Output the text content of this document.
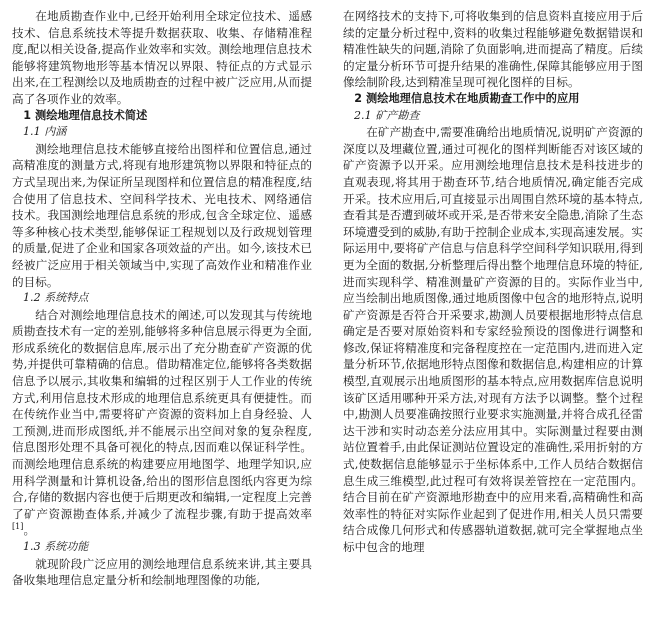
在地质勘查作业中,已经开始利用全球定位技术、遥感技术、信息系统技术等提升数据获取、收集、存储精准程度,配以相关设备,提高作业效率和实效。测绘地理信息技术能够将建筑物地形等基本情况以界限、特征点的方式显示出来,在工程测绘以及地质勘查的过程中被广泛应用,从而提高了各项作业的效率。

1 测绘地理信息技术简述
1.1 内涵

测绘地理信息技术能够直接给出图样和位置信息,通过高精准度的测量方式,将现有地形建筑物以界限和特征点的方式呈现出来,为保证所呈现图样和位置信息的精准程度,结合使用了信息技术、空间科学技术、光电技术、网络通信技术。我国测绘地理信息系统的形成,包含全球定位、遥感等多种核心技术类型,能够保证工程规划以及行政规划管理的质量,促进了企业和国家各项效益的产出。如今,该技术已经被广泛应用于相关领域当中,实现了高效作业和精准作业的目标。

1.2 系统特点

结合对测绘地理信息技术的阐述,可以发现其与传统地质勘查技术有一定的差别,能够将多种信息展示得更为全面,形成系统化的数据信息库,展示出了充分勘查矿产资源的优势,并提供可靠精确的信息。借助精准定位,能够将各类数据信息予以展示,其收集和编辑的过程区别于人工作业的传统方式,利用信息技术形成的地理信息系统更具有便捷性。而在传统作业当中,需要将矿产资源的资料加上自身经验、人工预测,进而形成图纸,并不能展示出空间对象的复杂程度,信息图形处理不具备可视化的特点,因而难以保证科学性。而测绘地理信息系统的构建要应用地图学、地理学知识,应用科学测量和计算机设备,给出的图形信息图纸内容更为综合,存储的数据内容也便于后期更改和编辑,一定程度上完善了矿产资源勘查体系,并减少了流程步骤,有助于提高效率[1]。

1.3 系统功能

就现阶段广泛应用的测绘地理信息系统来讲,其主要具备收集地理信息定量分析和绘制地理图像的功能,

在网络技术的支持下,可将收集到的信息资料直接应用于后续的定量分析过程中,资料的收集过程能够避免数据错误和精准性缺失的问题,消除了负面影响,进而提高了精度。后续的定量分析环节可提升结果的准确性,保障其能够应用于图像绘制阶段,达到精准呈现可视化图样的目标。

2 测绘地理信息技术在地质勘查工作中的应用
2.1 矿产勘查

在矿产勘查中,需要准确给出地质情况,说明矿产资源的深度以及埋藏位置,通过可视化的图样判断能否对该区域的矿产资源予以开采。应用测绘地理信息技术是科技进步的直观表现,将其用于勘查环节,结合地质情况,确定能否完成开采。技术应用后,可直接显示出周围自然环境的基本特点,查看其是否遭到破坏或开采,是否带来安全隐患,消除了生态环境遭受到的威胁,有助于控制企业成本,实现高速发展。实际运用中,要将矿产信息与信息科学空间科学知识联用,得到更为全面的数据,分析整理后得出整个地理信息环境的特征,进而实现科学、精准测量矿产资源的目的。实际作业当中,应当绘制出地质图像,通过地质图像中包含的地形特点,说明矿产资源是否符合开采要求,勘测人员要根据地形特点信息确定是否要对原始资料和专家经验预设的图像进行调整和修改,保证将精准度和完备程度控在一定范围内,进而进入定量分析环节,依据地形特点图像和数据信息,构建相应的计算模型,直观展示出地质图形的基本特点,应用数据库信息说明该矿区适用哪种开采方法,对现有方法予以调整。整个过程中,勘测人员要准确按照行业要求实施测量,并将合成孔径雷达干涉和实时动态差分法应用其中。实际测量过程要由测站位置着手,由此保证测站位置设定的准确性,采用折射的方式,使数据信息能够显示于坐标体系中,工作人员结合数据信息生成三维模型,此过程可有效将误差管控在一定范围内。结合目前在矿产资源地形勘查中的应用来看,高精确性和高效率性的特征对实际作业起到了促进作用,相关人员只需要结合成像几何形式和传感器轨道数据,就可完全掌握地点坐标中包含的地理
